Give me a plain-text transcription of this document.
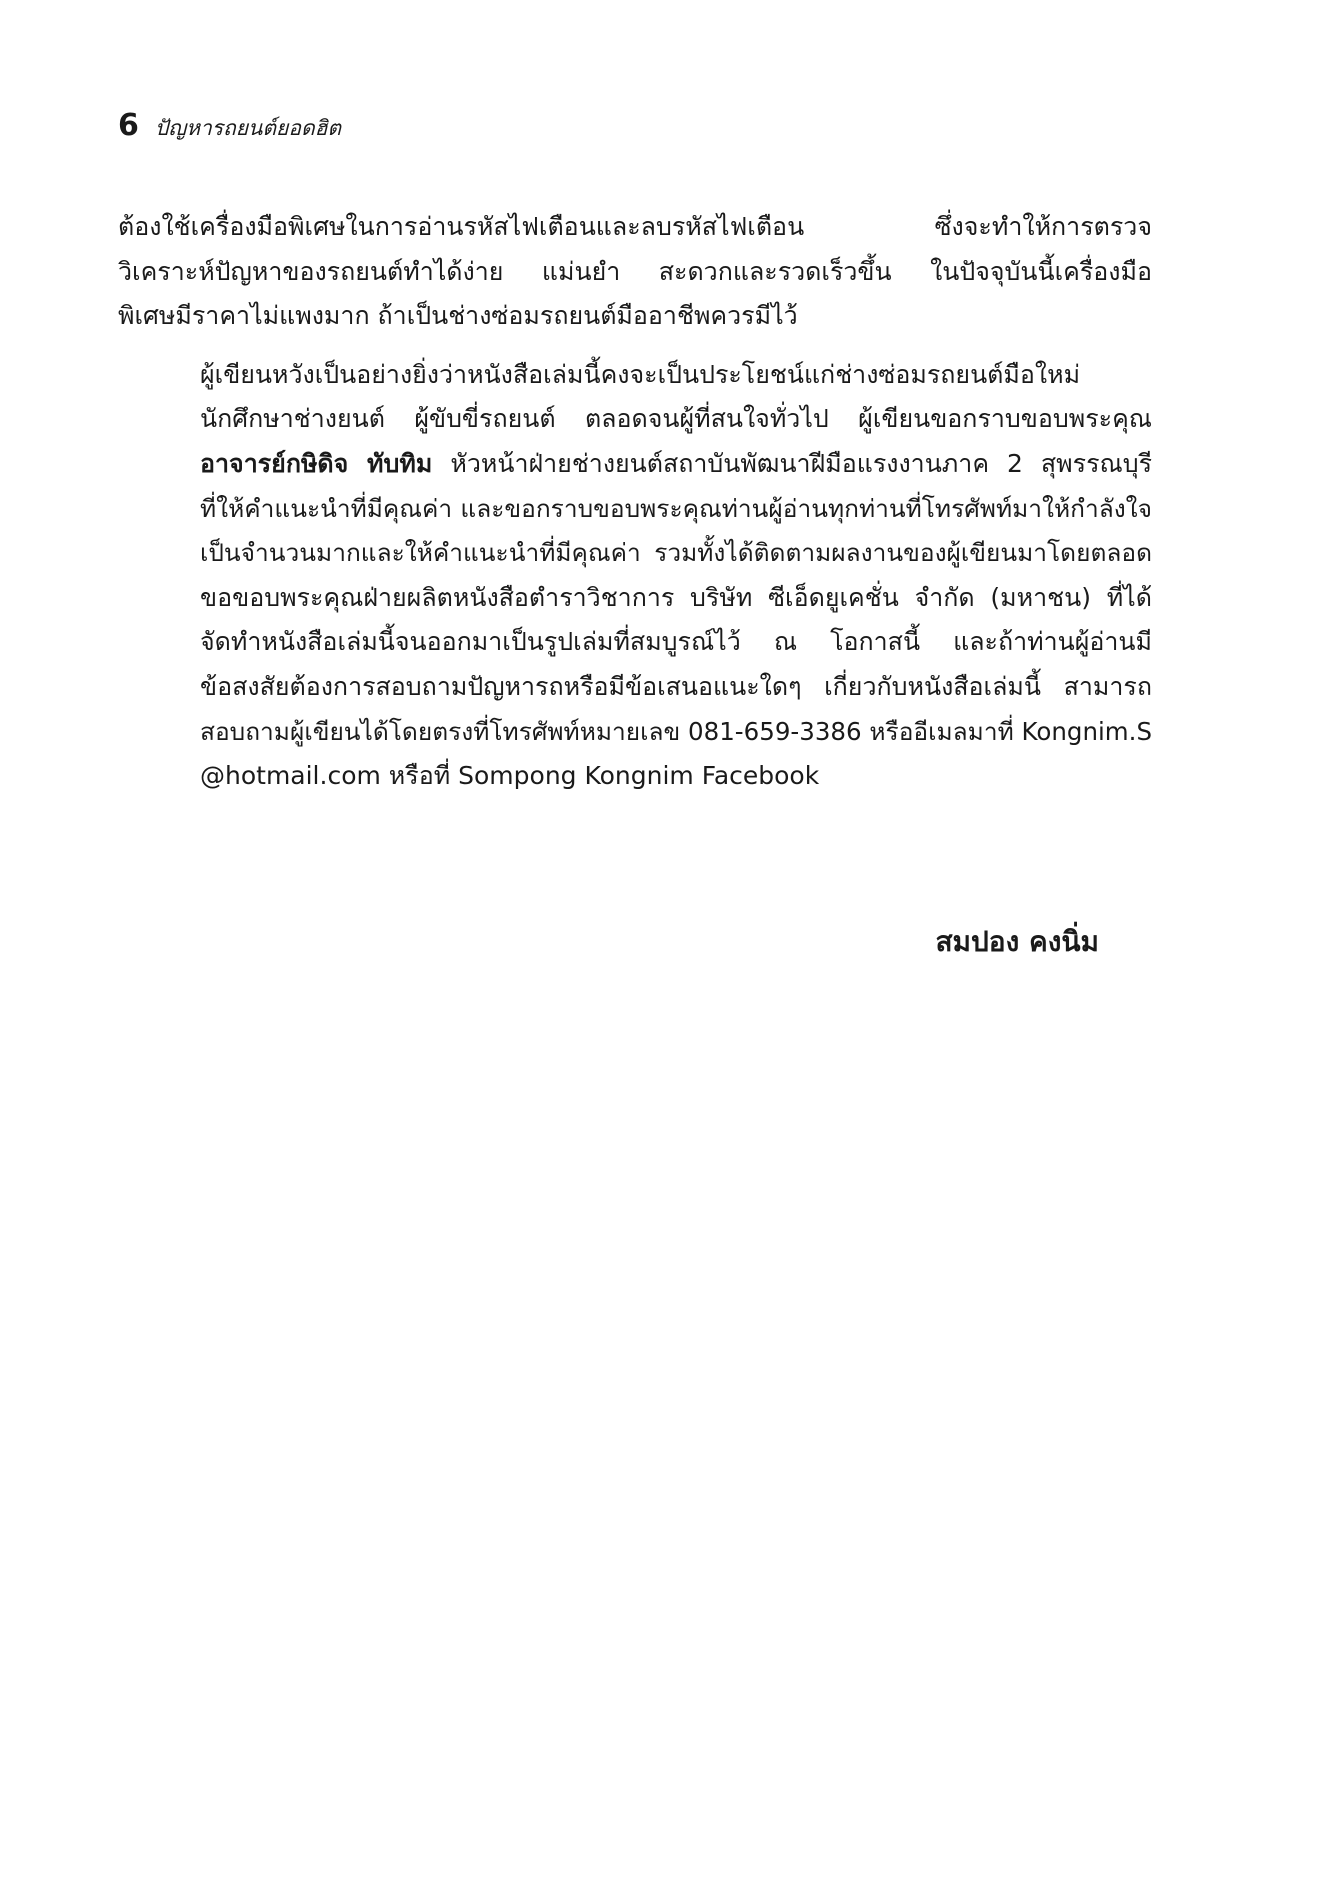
6 ปัญหารถยนต์ยอดฮิต

ต้องใช้เครื่องมือพิเศษในการอ่านรหัสไฟเตือนและลบรหัสไฟเตือน ซึ่งจะทำให้การตรวจ
วิเคราะห์ปัญหาของรถยนต์ทำได้ง่าย แม่นยำ สะดวกและรวดเร็วขึ้น ในปัจจุบันนี้เครื่องมือ
พิเศษมีราคาไม่แพงมาก ถ้าเป็นช่างซ่อมรถยนต์มืออาชีพควรมีไว้

ผู้เขียนหวังเป็นอย่างยิ่งว่าหนังสือเล่มนี้คงจะเป็นประโยชน์แก่ช่างซ่อมรถยนต์มือใหม่
นักศึกษาช่างยนต์ ผู้ขับขี่รถยนต์ ตลอดจนผู้ที่สนใจทั่วไป ผู้เขียนขอกราบขอบพระคุณ
อาจารย์กษิดิจ ทับทิม หัวหน้าฝ่ายช่างยนต์สถาบันพัฒนาฝีมือแรงงานภาค 2 สุพรรณบุรี
ที่ให้คำแนะนำที่มีคุณค่า และขอกราบขอบพระคุณท่านผู้อ่านทุกท่านที่โทรศัพท์มาให้กำลังใจ
เป็นจำนวนมากและให้คำแนะนำที่มีคุณค่า รวมทั้งได้ติดตามผลงานของผู้เขียนมาโดยตลอด
ขอขอบพระคุณฝ่ายผลิตหนังสือตำราวิชาการ บริษัท ซีเอ็ดยูเคชั่น จำกัด (มหาชน) ที่ได้
จัดทำหนังสือเล่มนี้จนออกมาเป็นรูปเล่มที่สมบูรณ์ไว้ ณ โอกาสนี้ และถ้าท่านผู้อ่านมี
ข้อสงสัยต้องการสอบถามปัญหารถหรือมีข้อเสนอแนะใดๆ เกี่ยวกับหนังสือเล่มนี้ สามารถ
สอบถามผู้เขียนได้โดยตรงที่โทรศัพท์หมายเลข 081-659-3386 หรืออีเมลมาที่ Kongnim.S
@hotmail.com หรือที่ Sompong Kongnim Facebook

สมปอง คงนิ่ม
